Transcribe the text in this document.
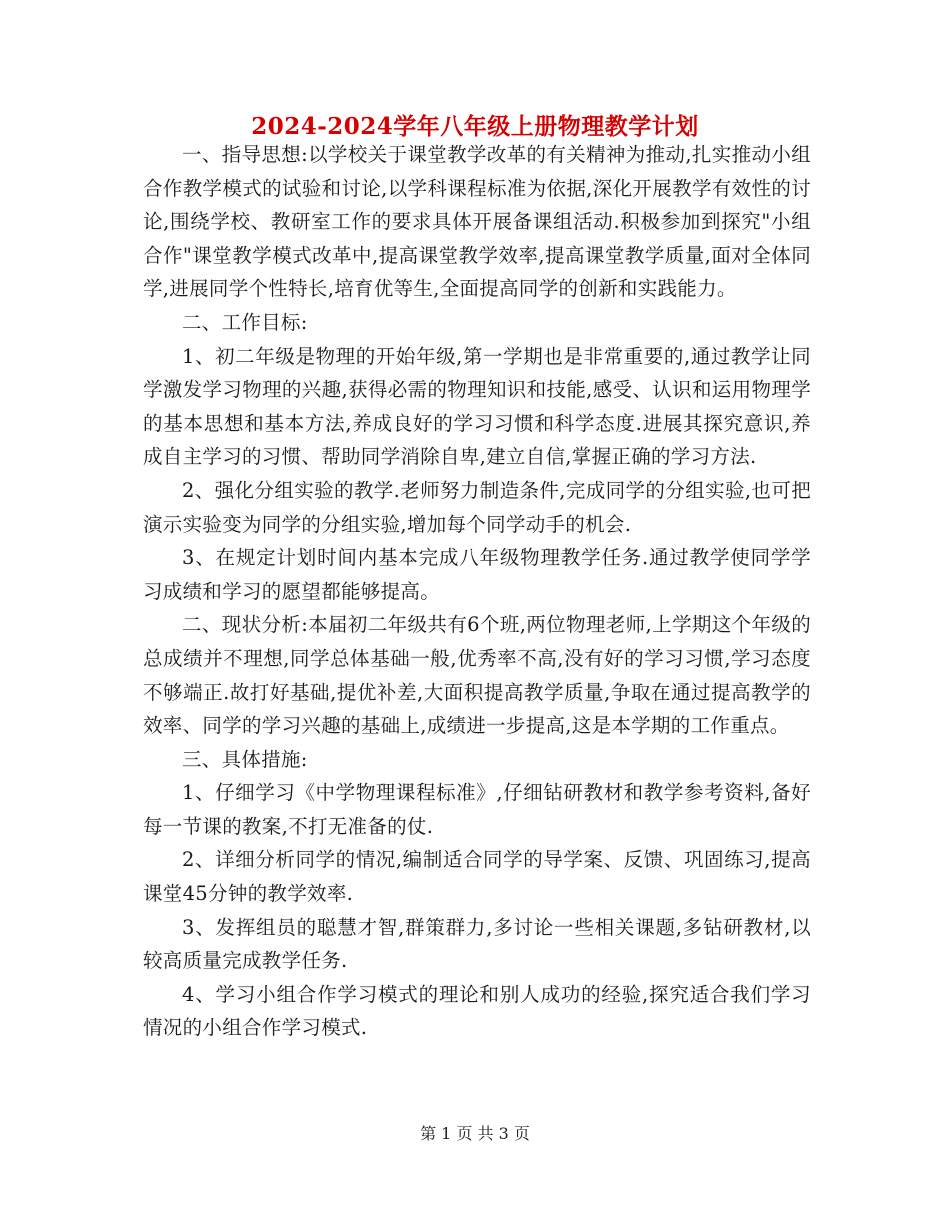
2024-2024学年八年级上册物理教学计划

一、指导思想:以学校关于课堂教学改革的有关精神为推动,扎实推动小组合作教学模式的试验和讨论,以学科课程标准为依据,深化开展教学有效性的讨论,围绕学校、教研室工作的要求具体开展备课组活动.积极参加到探究"小组合作"课堂教学模式改革中,提高课堂教学效率,提高课堂教学质量,面对全体同学,进展同学个性特长,培育优等生,全面提高同学的创新和实践能力。

二、工作目标:

1、初二年级是物理的开始年级,第一学期也是非常重要的,通过教学让同学激发学习物理的兴趣,获得必需的物理知识和技能,感受、认识和运用物理学的基本思想和基本方法,养成良好的学习习惯和科学态度.进展其探究意识,养成自主学习的习惯、帮助同学消除自卑,建立自信,掌握正确的学习方法.

2、强化分组实验的教学.老师努力制造条件,完成同学的分组实验,也可把演示实验变为同学的分组实验,增加每个同学动手的机会.

3、在规定计划时间内基本完成八年级物理教学任务.通过教学使同学学习成绩和学习的愿望都能够提高。

二、现状分析:本届初二年级共有6个班,两位物理老师,上学期这个年级的总成绩并不理想,同学总体基础一般,优秀率不高,没有好的学习习惯,学习态度不够端正.故打好基础,提优补差,大面积提高教学质量,争取在通过提高教学的效率、同学的学习兴趣的基础上,成绩进一步提高,这是本学期的工作重点。

三、具体措施:

1、仔细学习《中学物理课程标准》,仔细钻研教材和教学参考资料,备好每一节课的教案,不打无准备的仗.

2、详细分析同学的情况,编制适合同学的导学案、反馈、巩固练习,提高课堂45分钟的教学效率.

3、发挥组员的聪慧才智,群策群力,多讨论一些相关课题,多钻研教材,以较高质量完成教学任务.

4、学习小组合作学习模式的理论和别人成功的经验,探究适合我们学习情况的小组合作学习模式.

第 1 页 共 3 页
